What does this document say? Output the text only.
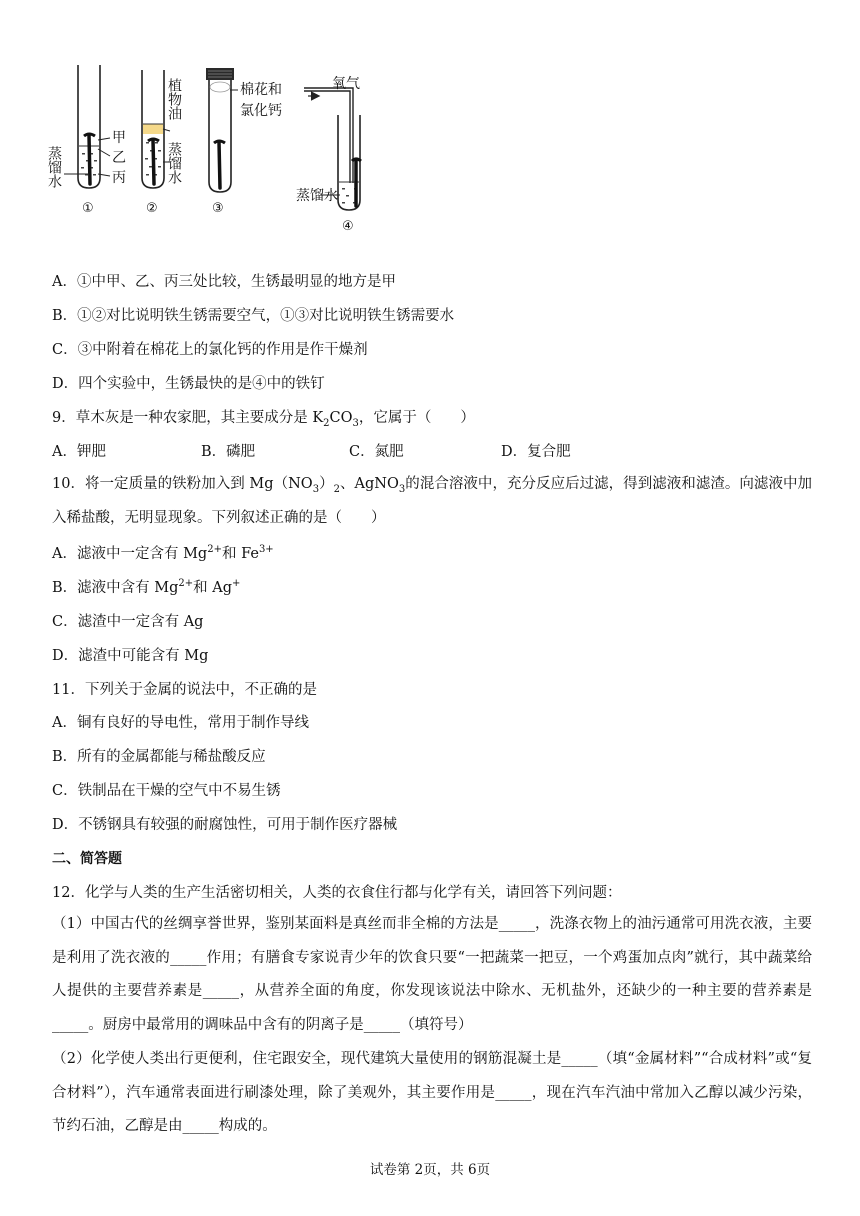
蒸馏水
甲
乙
丙
①
植物油
蒸馏水
②
棉花和
氯化钙
③
氧气
蒸馏水
④
A．①中甲、乙、丙三处比较，生锈最明显的地方是甲
B．①②对比说明铁生锈需要空气，①③对比说明铁生锈需要水
C．③中附着在棉花上的氯化钙的作用是作干燥剂
D．四个实验中，生锈最快的是④中的铁钉
9．草木灰是一种农家肥，其主要成分是 $K_2CO_3$，它属于（　　）
A．钾肥	B．磷肥	C．氮肥	D．复合肥
10．将一定质量的铁粉加入到 $Mg(NO_3)_2$、AgNO$_3$的混合溶液中，充分反应后过滤，得到滤液和滤渣。向滤液中加入稀盐酸，无明显现象。下列叙述正确的是（　　）
A．滤液中一定含有 $Mg^{2+}$和 $Fe^{3+}$
B．滤液中含有 $Mg^{2+}$和 Ag+
C．滤渣中一定含有 Ag
D．滤渣中可能含有 Mg
11．下列关于金属的说法中，不正确的是
A．铜有良好的导电性，常用于制作导线
B．所有的金属都能与稀盐酸反应
C．铁制品在干燥的空气中不易生锈
D．不锈钢具有较强的耐腐蚀性，可用于制作医疗器械
二、简答题
12．化学与人类的生产生活密切相关，人类的衣食住行都与化学有关，请回答下列问题：
（1）中国古代的丝绸享誉世界，鉴别某面料是真丝而非全棉的方法是_____，洗涤衣物上的油污通常可用洗衣液，主要是利用了洗衣液的_____作用；有膳食专家说青少年的饮食只要“一把蔬菜一把豆，一个鸡蛋加点肉”就行，其中蔬菜给人提供的主要营养素是_____，从营养全面的角度，你发现该说法中除水、无机盐外，还缺少的一种主要的营养素是_____。厨房中最常用的调味品中含有的阴离子是_____（填符号）
（2）化学使人类出行更便利，住宅跟安全，现代建筑大量使用的钢筋混凝土是_____（填“金属材料”“合成材料”或“复合材料”），汽车通常表面进行刷漆处理，除了美观外，其主要作用是_____，现在汽车汽油中常加入乙醇以减少污染，节约石油，乙醇是由_____构成的。
试卷第 2页，共 6页
